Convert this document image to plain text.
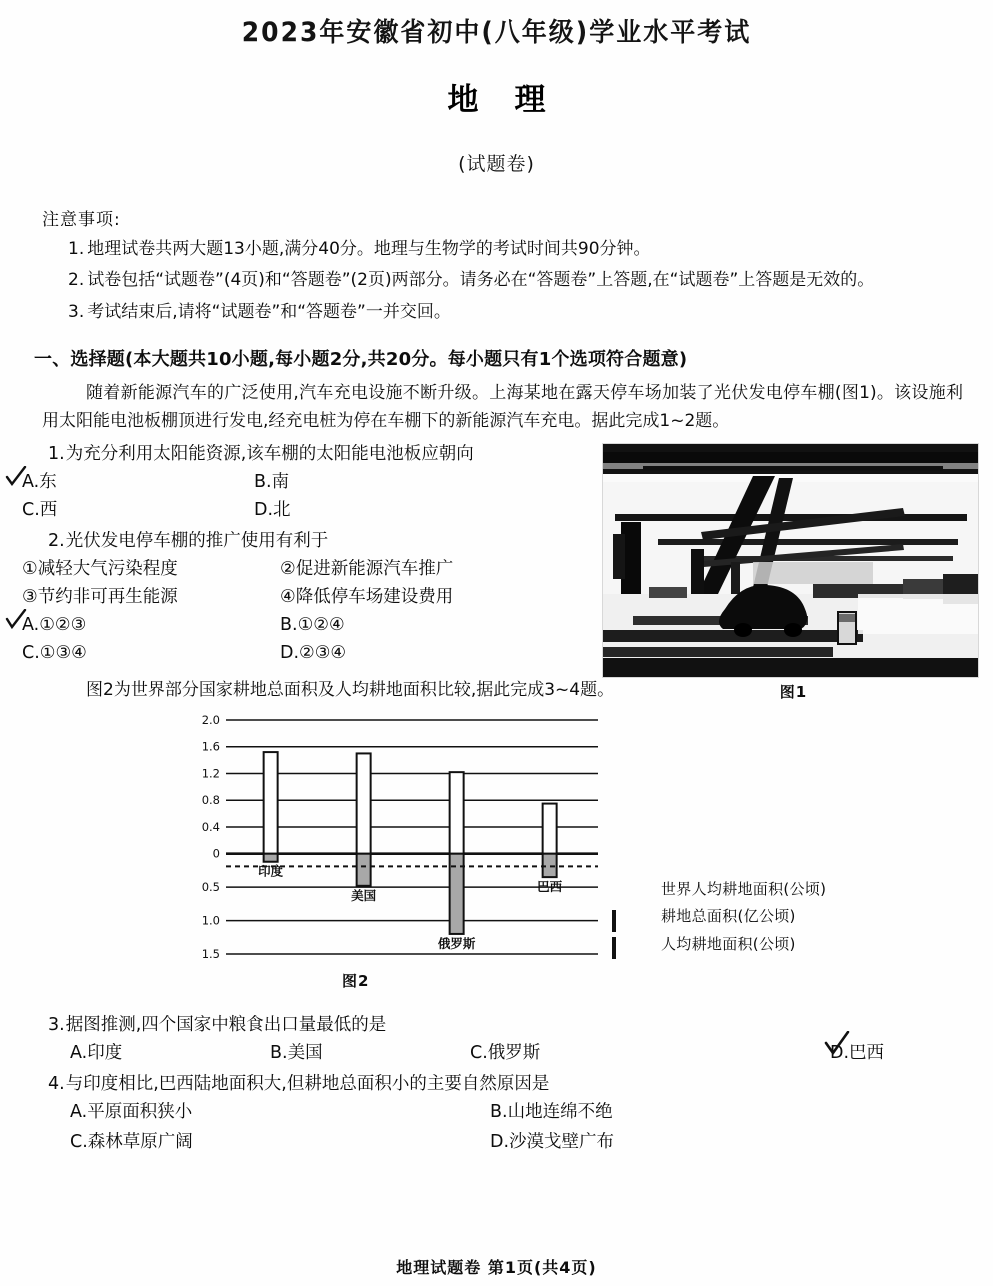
2023年安徽省初中(八年级)学业水平考试
地理
(试题卷)
注意事项:
1. 地理试卷共两大题13小题,满分40分。地理与生物学的考试时间共90分钟。
2. 试卷包括“试题卷”(4页)和“答题卷”(2页)两部分。请务必在“答题卷”上答题,在“试题卷”上答题是无效的。
3. 考试结束后,请将“试题卷”和“答题卷”一并交回。
一、选择题(本大题共10小题,每小题2分,共20分。每小题只有1个选项符合题意)
随着新能源汽车的广泛使用,汽车充电设施不断升级。上海某地在露天停车场加装了光伏发电停车棚(图1)。该设施利用太阳能电池板棚顶进行发电,经充电桩为停在车棚下的新能源汽车充电。据此完成1~2题。
图1
1.为充分利用太阳能资源,该车棚的太阳能电池板应朝向
A.东	B.南
C.西	D.北
2.光伏发电停车棚的推广使用有利于
①减轻大气污染程度	②促进新能源汽车推广
③节约非可再生能源	④降低停车场建设费用
A.①②③	B.①②④
C.①③④	D.②③④
图2为世界部分国家耕地总面积及人均耕地面积比较,据此完成3~4题。
2.0
1.6
1.2
0.8
0.4
0
0.5
1.0
1.5
印度
美国
俄罗斯
巴西	世界人均耕地面积(公顷)
耕地总面积(亿公顷)
人均耕地面积(公顷)
图2
3.据图推测,四个国家中粮食出口量最低的是
A.印度	B.美国	C.俄罗斯	D.巴西
4.与印度相比,巴西陆地面积大,但耕地总面积小的主要自然原因是
A.平原面积狭小	B.山地连绵不绝
C.森林草原广阔	D.沙漠戈壁广布
地理试题卷 第1页(共4页)
